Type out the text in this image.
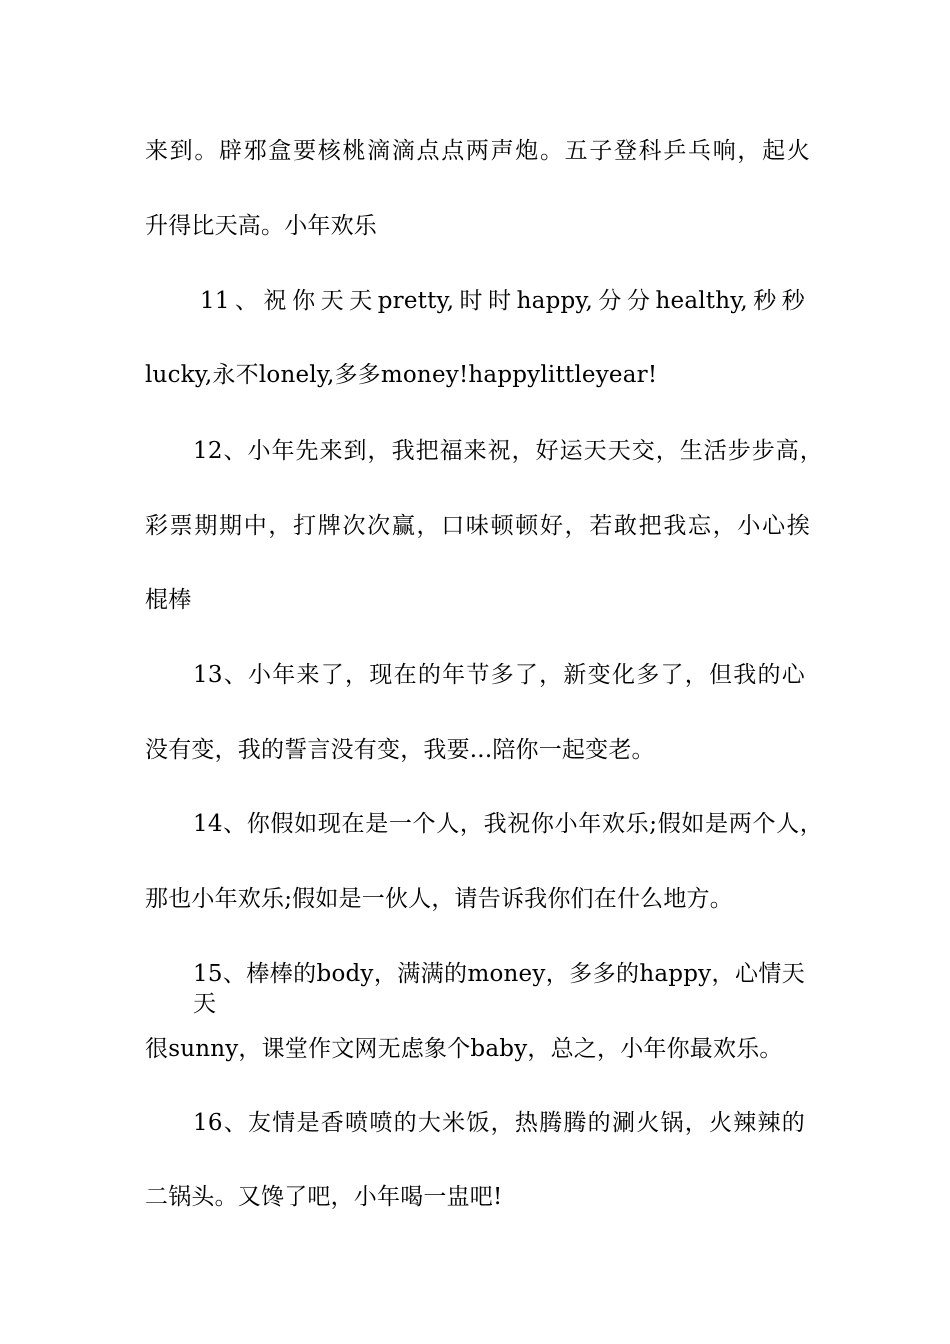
来到。辟邪盒要核桃滴滴点点两声炮。五子登科乒乓响，起火
升得比天高。小年欢乐
11、祝你天天pretty,时时happy,分分healthy,秒秒
lucky,永不lonely,多多money!happylittleyear!
12、小年先来到，我把福来祝，好运天天交，生活步步高，
彩票期期中，打牌次次赢，口味顿顿好，若敢把我忘，小心挨
棍棒
13、小年来了，现在的年节多了，新变化多了，但我的心
没有变，我的誓言没有变，我要...陪你一起变老。
14、你假如现在是一个人，我祝你小年欢乐;假如是两个人，
那也小年欢乐;假如是一伙人，请告诉我你们在什么地方。
15、棒棒的body，满满的money，多多的happy，心情天天
很sunny，课堂作文网无虑象个baby，总之，小年你最欢乐。
16、友情是香喷喷的大米饭，热腾腾的涮火锅，火辣辣的
二锅头。又馋了吧，小年喝一盅吧!
